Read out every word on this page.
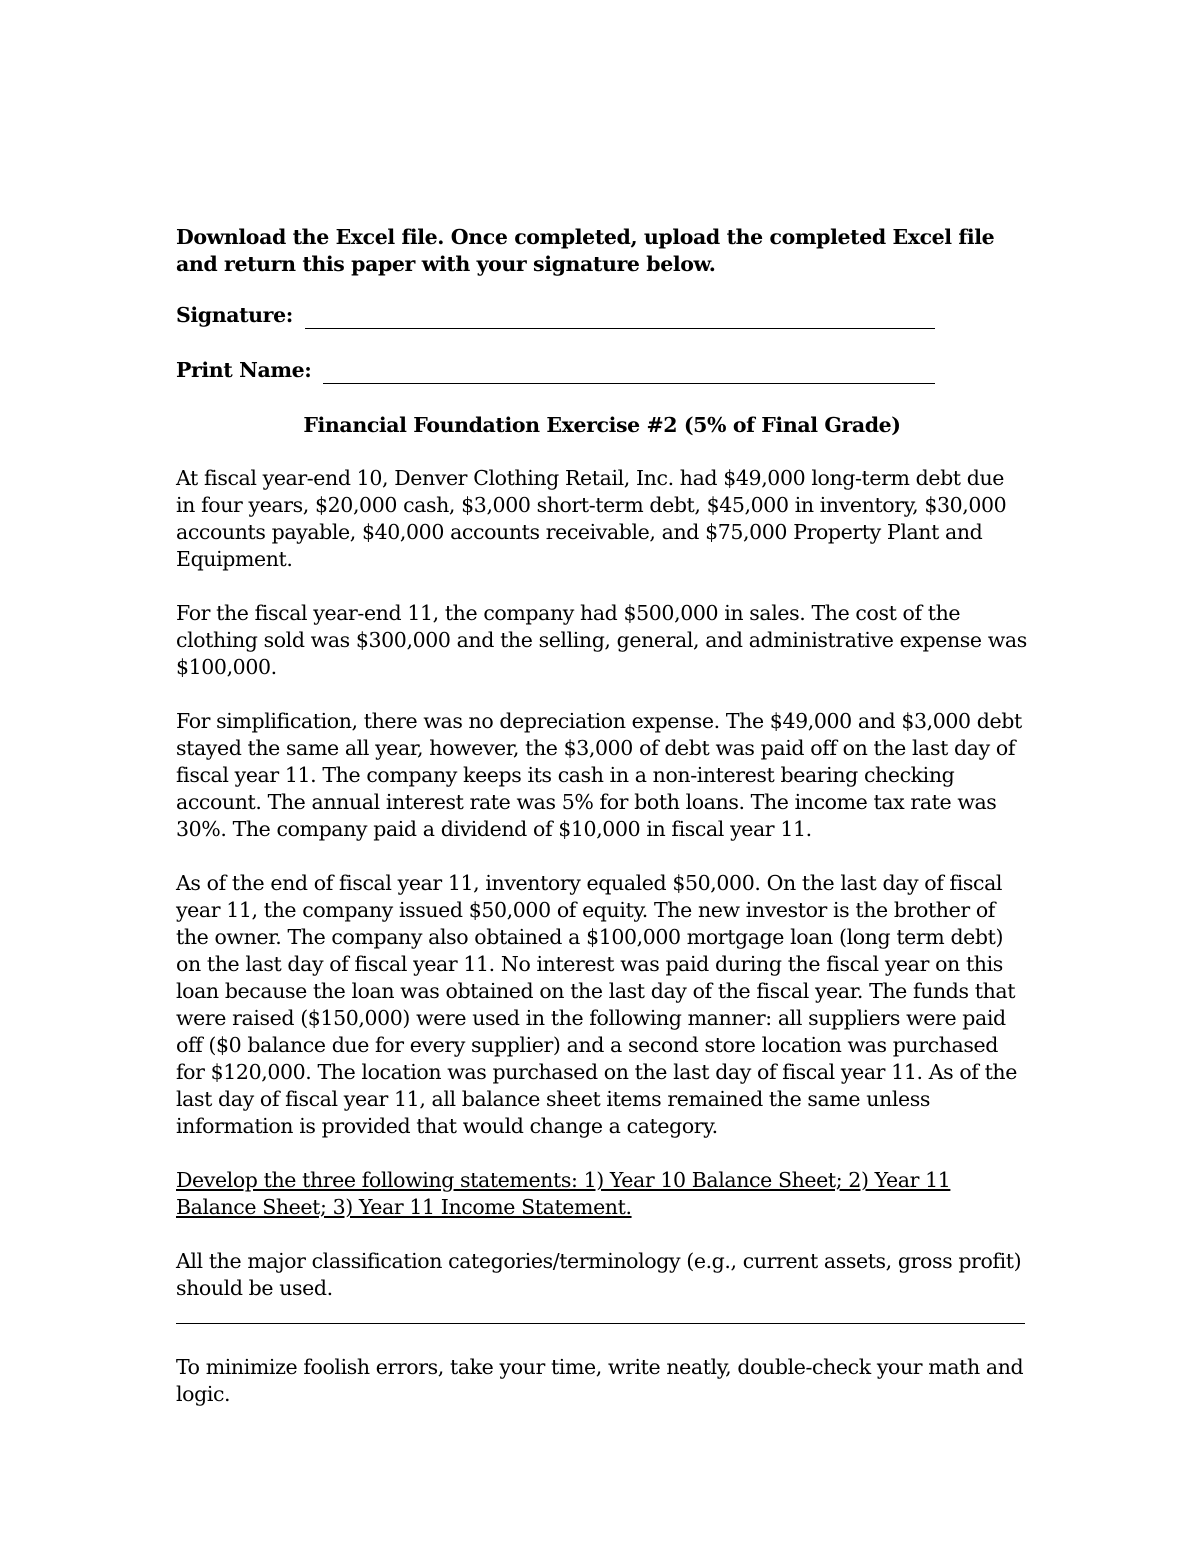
Download the Excel file. Once completed, upload the completed Excel file and return this paper with your signature below.

Signature:
Print Name:

Financial Foundation Exercise #2 (5% of Final Grade)

At fiscal year-end 10, Denver Clothing Retail, Inc. had $49,000 long-term debt due in four years, $20,000 cash, $3,000 short-term debt, $45,000 in inventory, $30,000 accounts payable, $40,000 accounts receivable, and $75,000 Property Plant and Equipment.

For the fiscal year-end 11, the company had $500,000 in sales. The cost of the clothing sold was $300,000 and the selling, general, and administrative expense was $100,000.

For simplification, there was no depreciation expense. The $49,000 and $3,000 debt stayed the same all year, however, the $3,000 of debt was paid off on the last day of fiscal year 11. The company keeps its cash in a non-interest bearing checking account. The annual interest rate was 5% for both loans. The income tax rate was 30%. The company paid a dividend of $10,000 in fiscal year 11.

As of the end of fiscal year 11, inventory equaled $50,000. On the last day of fiscal year 11, the company issued $50,000 of equity. The new investor is the brother of the owner. The company also obtained a $100,000 mortgage loan (long term debt) on the last day of fiscal year 11. No interest was paid during the fiscal year on this loan because the loan was obtained on the last day of the fiscal year. The funds that were raised ($150,000) were used in the following manner: all suppliers were paid off ($0 balance due for every supplier) and a second store location was purchased for $120,000. The location was purchased on the last day of fiscal year 11. As of the last day of fiscal year 11, all balance sheet items remained the same unless information is provided that would change a category.

Develop the three following statements: 1) Year 10 Balance Sheet; 2) Year 11 Balance Sheet; 3) Year 11 Income Statement.

All the major classification categories/terminology (e.g., current assets, gross profit) should be used.

To minimize foolish errors, take your time, write neatly, double-check your math and logic.
